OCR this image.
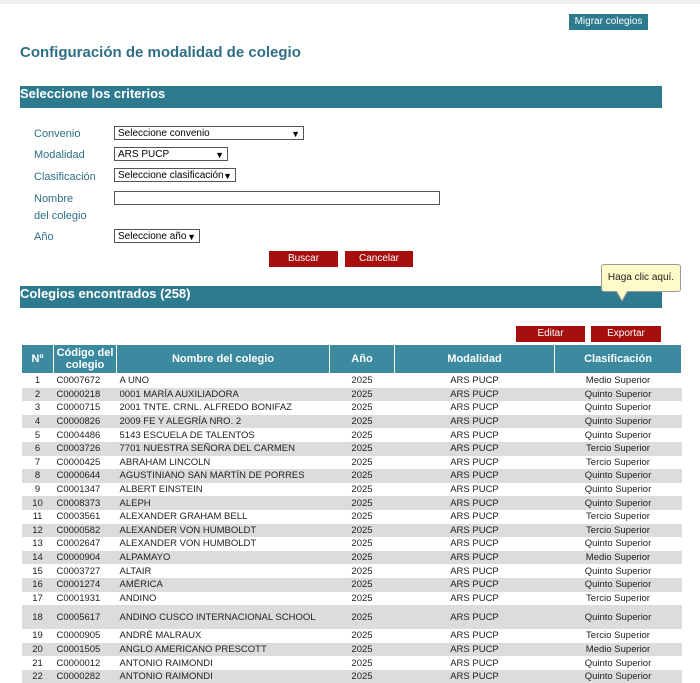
Migrar colegios
Configuración de modalidad de colegio
Seleccione los criterios
Convenio	Seleccione convenio	▼
Modalidad	ARS PUCP	▼
Clasificación	Seleccione clasificación ▼
Nombre
del colegio
Año	Seleccione año ▼
Buscar	Cancelar
Colegios encontrados (258)
Haga clic aquí.
Editar	Exportar
Nº	Código del colegio	Nombre del colegio	Año	Modalidad	Clasificación
1	C0007672	A UNO	2025	ARS PUCP	Medio Superior
2	C0000218	0001 MARÍA AUXILIADORA	2025	ARS PUCP	Quinto Superior
3	C0000715	2001 TNTE. CRNL. ALFREDO BONIFAZ	2025	ARS PUCP	Quinto Superior
4	C0000826	2009 FE Y ALEGRÍA NRO. 2	2025	ARS PUCP	Quinto Superior
5	C0004486	5143 ESCUELA DE TALENTOS	2025	ARS PUCP	Quinto Superior
6	C0003726	7701 NUESTRA SEÑORA DEL CARMEN	2025	ARS PUCP	Tercio Superior
7	C0000425	ABRAHAM LINCOLN	2025	ARS PUCP	Tercio Superior
8	C0000644	AGUSTINIANO SAN MARTÍN DE PORRES	2025	ARS PUCP	Quinto Superior
9	C0001347	ALBERT EINSTEIN	2025	ARS PUCP	Quinto Superior
10	C0008373	ALEPH	2025	ARS PUCP	Quinto Superior
11	C0003561	ALEXANDER GRAHAM BELL	2025	ARS PUCP	Tercio Superior
12	C0000582	ALEXANDER VON HUMBOLDT	2025	ARS PUCP	Tercio Superior
13	C0002647	ALEXANDER VON HUMBOLDT	2025	ARS PUCP	Quinto Superior
14	C0000904	ALPAMAYO	2025	ARS PUCP	Medio Superior
15	C0003727	ALTAIR	2025	ARS PUCP	Quinto Superior
16	C0001274	AMÉRICA	2025	ARS PUCP	Quinto Superior
17	C0001931	ANDINO	2025	ARS PUCP	Tercio Superior
18	C0005617	ANDINO CUSCO INTERNACIONAL SCHOOL	2025	ARS PUCP	Quinto Superior
19	C0000905	ANDRÉ MALRAUX	2025	ARS PUCP	Tercio Superior
20	C0001505	ANGLO AMERICANO PRESCOTT	2025	ARS PUCP	Medio Superior
21	C0000012	ANTONIO RAIMONDI	2025	ARS PUCP	Quinto Superior
22	C0000282	ANTONIO RAIMONDI	2025	ARS PUCP	Quinto Superior
